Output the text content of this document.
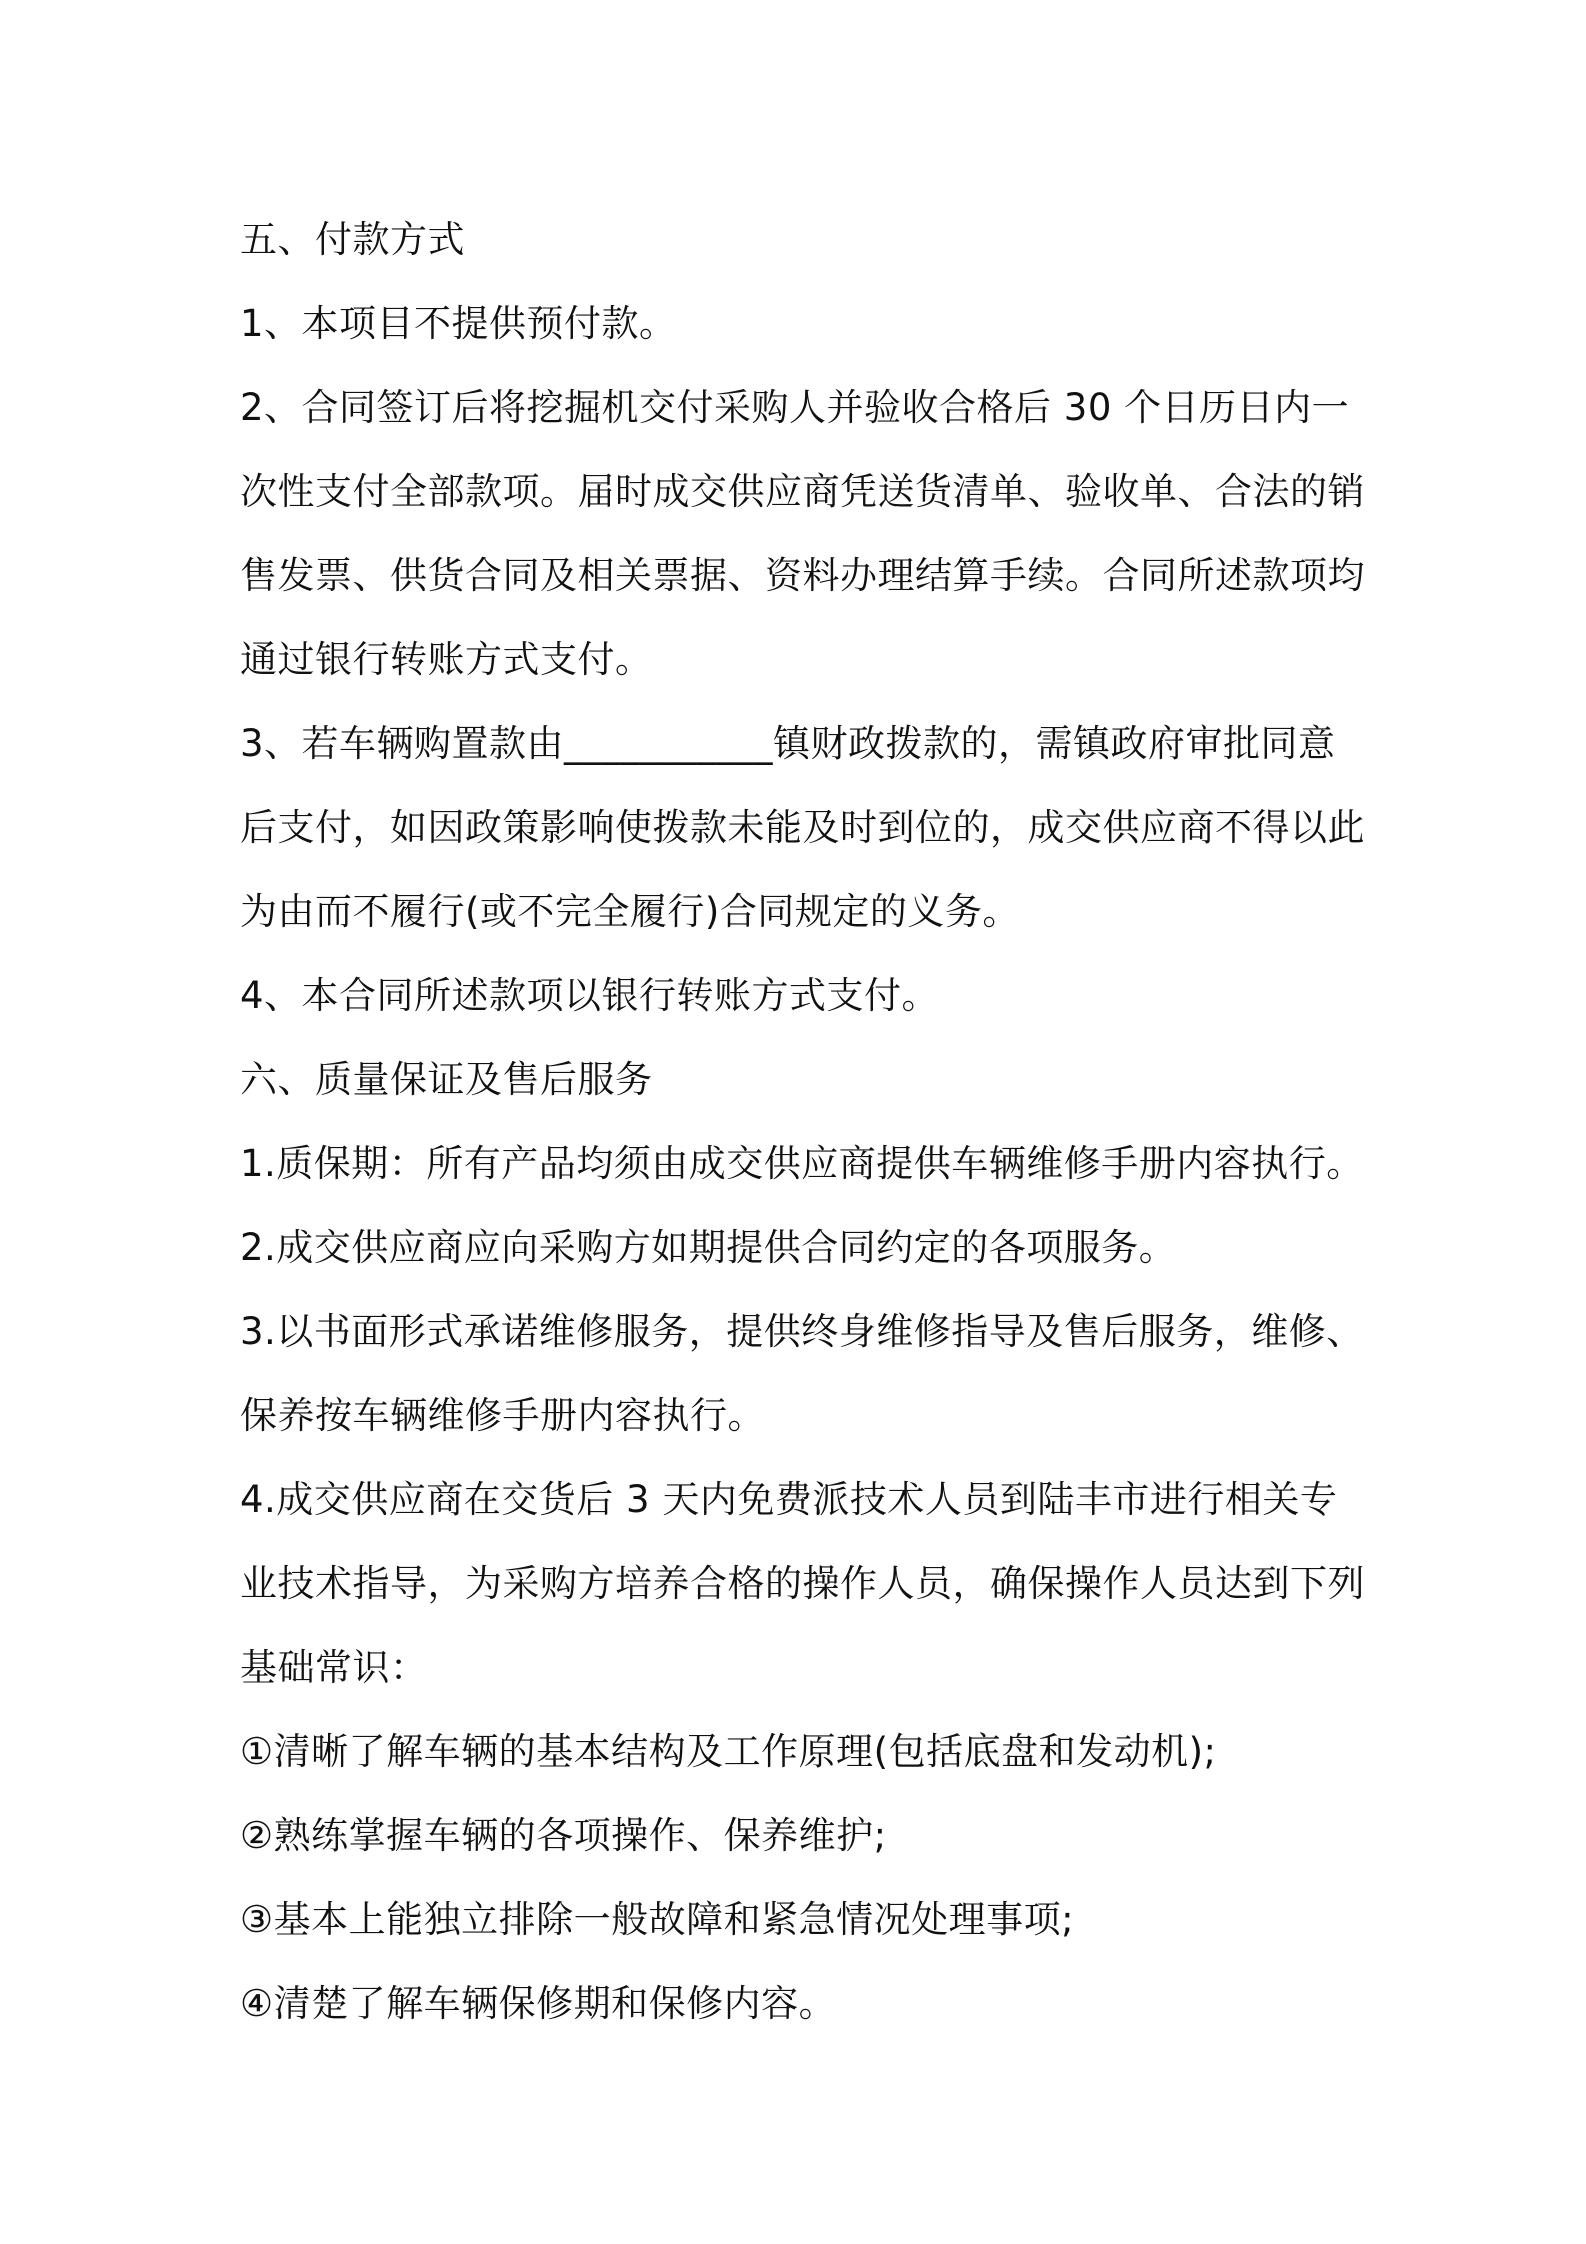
五、付款方式
1、本项目不提供预付款。
2、合同签订后将挖掘机交付采购人并验收合格后 30 个日历日内一
次性支付全部款项。届时成交供应商凭送货清单、验收单、合法的销
售发票、供货合同及相关票据、资料办理结算手续。合同所述款项均
通过银行转账方式支付。
3、若车辆购置款由___________镇财政拨款的，需镇政府审批同意
后支付，如因政策影响使拨款未能及时到位的，成交供应商不得以此
为由而不履行(或不完全履行)合同规定的义务。
4、本合同所述款项以银行转账方式支付。
六、质量保证及售后服务
1.质保期：所有产品均须由成交供应商提供车辆维修手册内容执行。
2.成交供应商应向采购方如期提供合同约定的各项服务。
3.以书面形式承诺维修服务，提供终身维修指导及售后服务，维修、
保养按车辆维修手册内容执行。
4.成交供应商在交货后 3 天内免费派技术人员到陆丰市进行相关专
业技术指导，为采购方培养合格的操作人员，确保操作人员达到下列
基础常识：
①清晰了解车辆的基本结构及工作原理(包括底盘和发动机);
②熟练掌握车辆的各项操作、保养维护;
③基本上能独立排除一般故障和紧急情况处理事项;
④清楚了解车辆保修期和保修内容。
